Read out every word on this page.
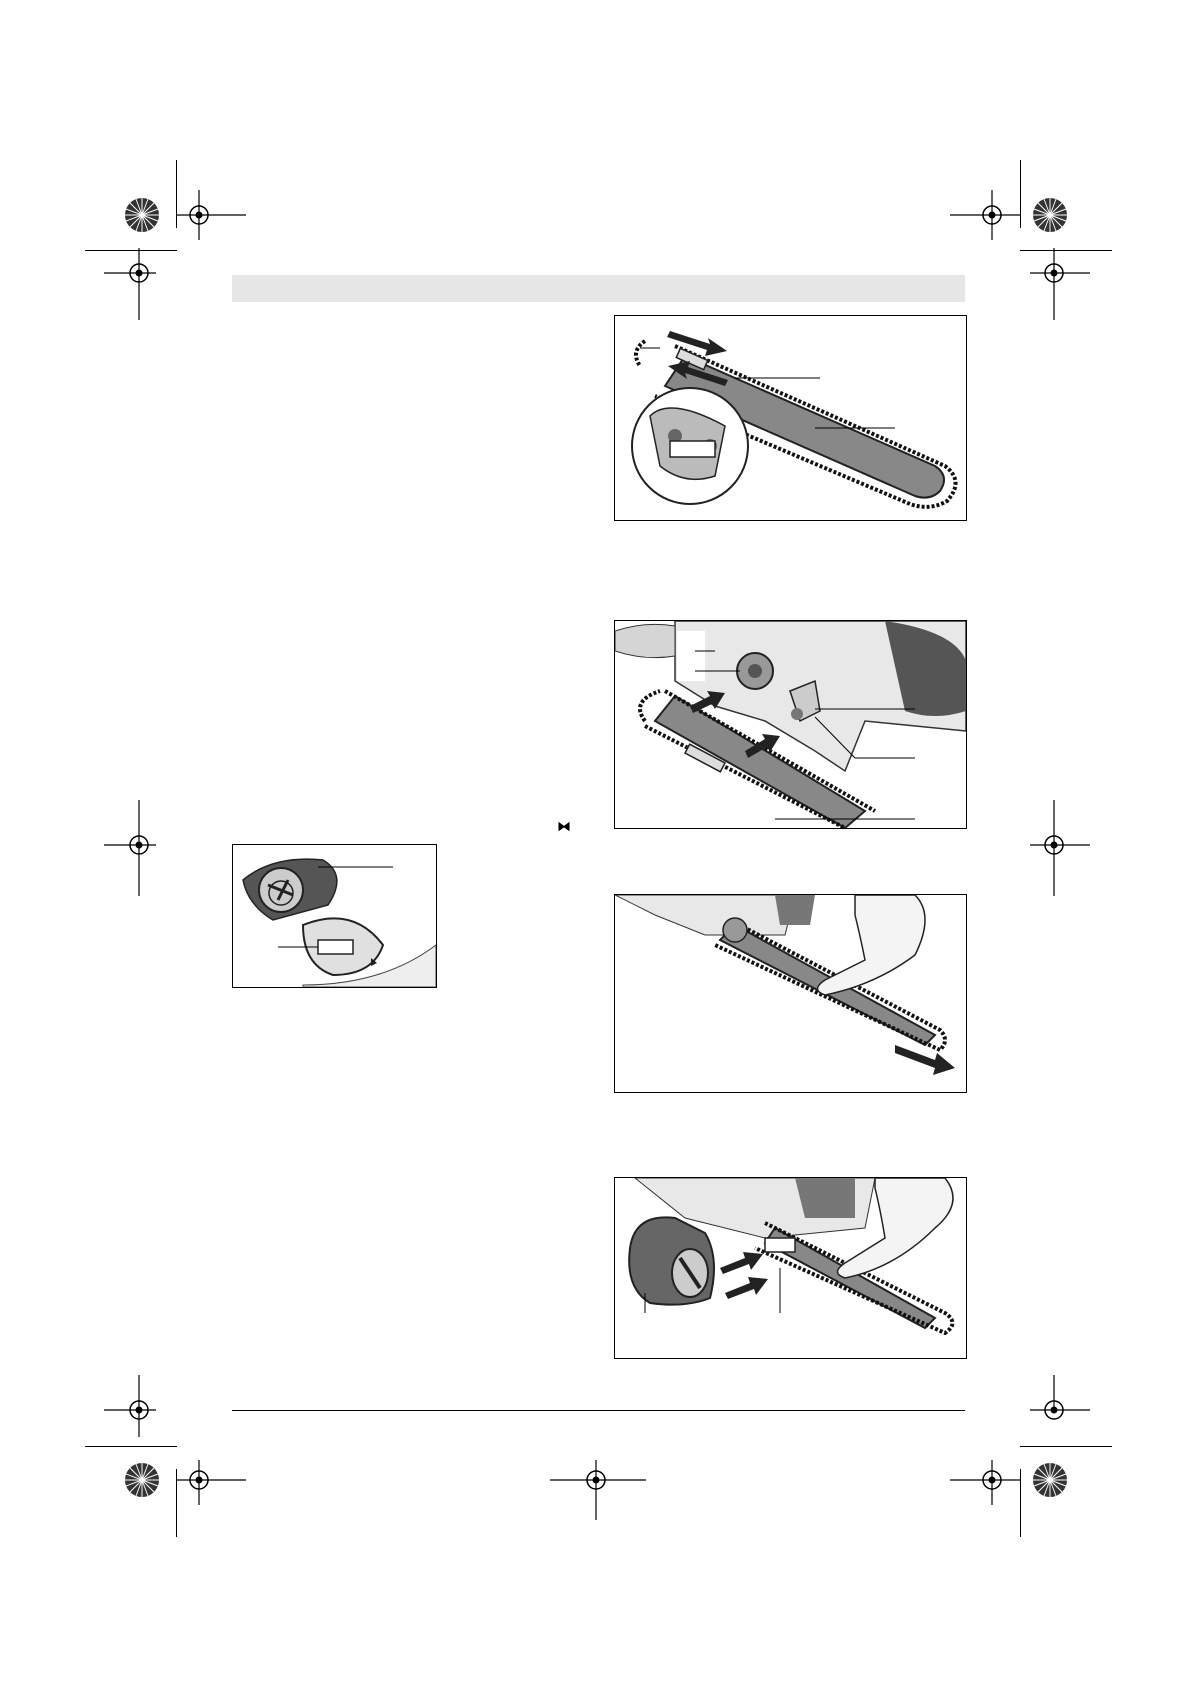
⧓
